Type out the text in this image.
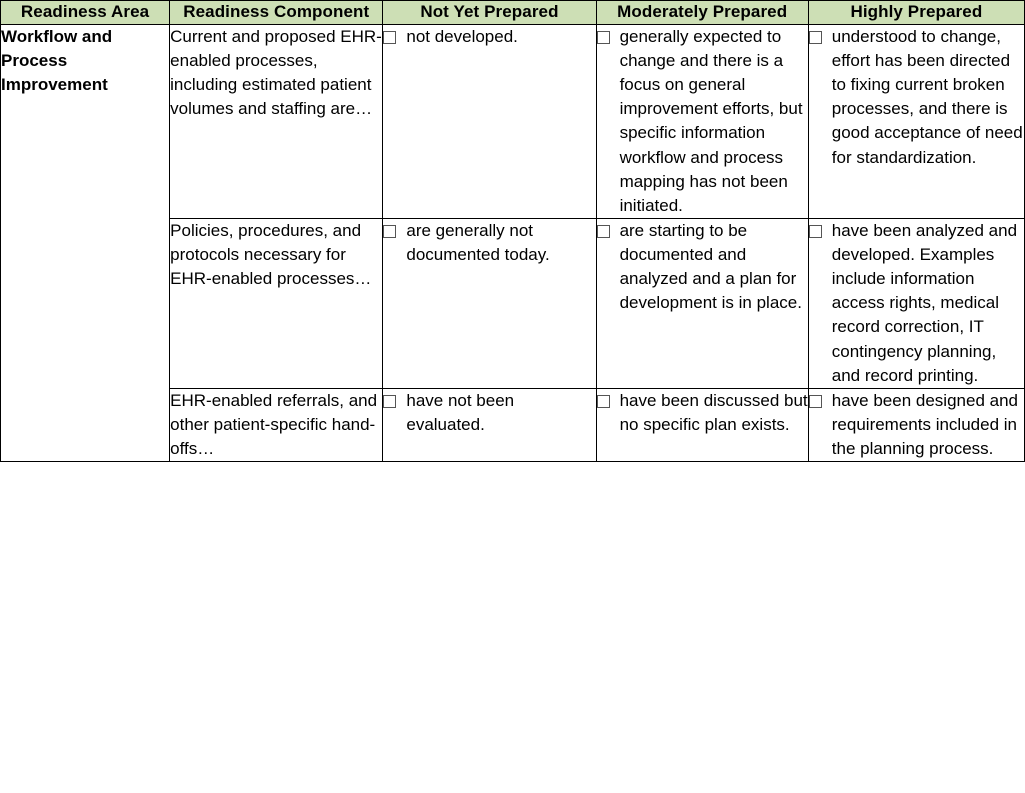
Readiness Area	Readiness Component	Not Yet Prepared	Moderately Prepared	Highly Prepared

Workflow and Process Improvement	Current and proposed EHR-enabled processes, including estimated patient volumes and staffing are…	not developed.	generally expected to change and there is a focus on general improvement efforts, but specific information workflow and process mapping has not been initiated.	understood to change, effort has been directed to fixing current broken processes, and there is good acceptance of need for standardization.

	Policies, procedures, and protocols necessary for EHR-enabled processes…	are generally not documented today.	are starting to be documented and analyzed and a plan for development is in place.	have been analyzed and developed. Examples include information access rights, medical record correction, IT contingency planning, and record printing.

	EHR-enabled referrals, and other patient-specific hand-offs…	have not been evaluated.	have been discussed but no specific plan exists.	have been designed and requirements included in the planning process.
